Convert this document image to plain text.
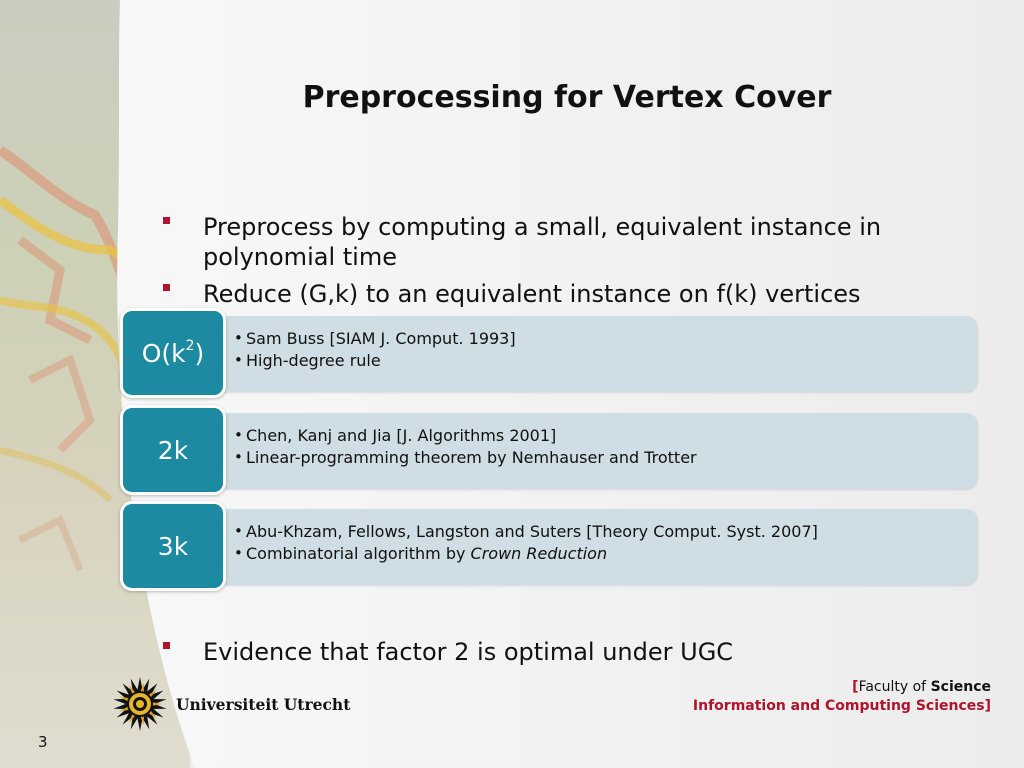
Preprocessing for Vertex Cover
Preprocess by computing a small, equivalent instance in polynomial time
Reduce (G,k) to an equivalent instance on f(k) vertices
• Sam Buss [SIAM J. Comput. 1993]
• High-degree rule
$O(k^2)$
• Chen, Kanj and Jia [J. Algorithms 2001]
• Linear-programming theorem by Nemhauser and Trotter
2k
• Abu-Khzam, Fellows, Langston and Suters [Theory Comput. Syst. 2007]
• Combinatorial algorithm by Crown Reduction
3k
Evidence that factor 2 is optimal under UGC
Universiteit Utrecht
[Faculty of Science
Information and Computing Sciences]
3
